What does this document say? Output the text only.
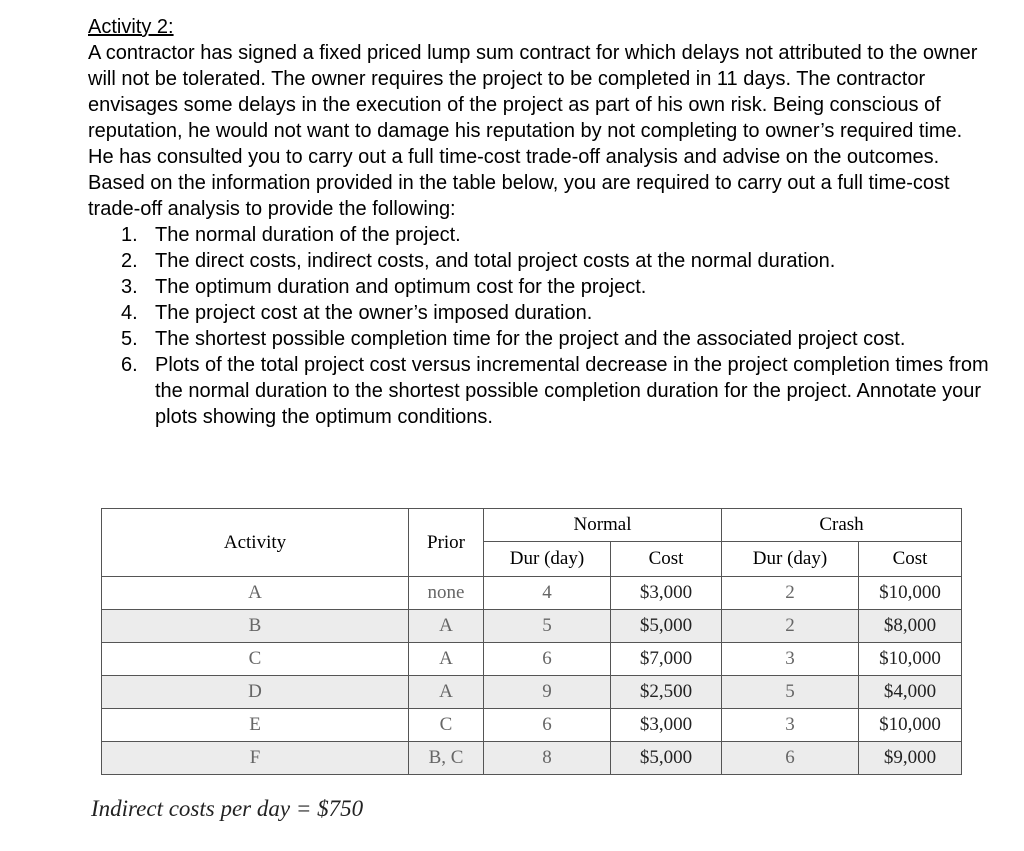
Activity 2:

A contractor has signed a fixed priced lump sum contract for which delays not attributed to the owner will not be tolerated. The owner requires the project to be completed in 11 days. The contractor envisages some delays in the execution of the project as part of his own risk. Being conscious of reputation, he would not want to damage his reputation by not completing to owner’s required time. He has consulted you to carry out a full time-cost trade-off analysis and advise on the outcomes. Based on the information provided in the table below, you are required to carry out a full time-cost trade-off analysis to provide the following:

1. The normal duration of the project.
2. The direct costs, indirect costs, and total project costs at the normal duration.
3. The optimum duration and optimum cost for the project.
4. The project cost at the owner’s imposed duration.
5. The shortest possible completion time for the project and the associated project cost.
6. Plots of the total project cost versus incremental decrease in the project completion times from the normal duration to the shortest possible completion duration for the project. Annotate your plots showing the optimum conditions.
Activity	Prior	Normal		Crash	
		Dur (day)	Cost	Dur (day)	Cost
A	none	4	$3,000	2	$10,000
B	A	5	$5,000	2	$8,000
C	A	6	$7,000	3	$10,000
D	A	9	$2,500	5	$4,000
E	C	6	$3,000	3	$10,000
F	B, C	8	$5,000	6	$9,000
Indirect costs per day = $750
